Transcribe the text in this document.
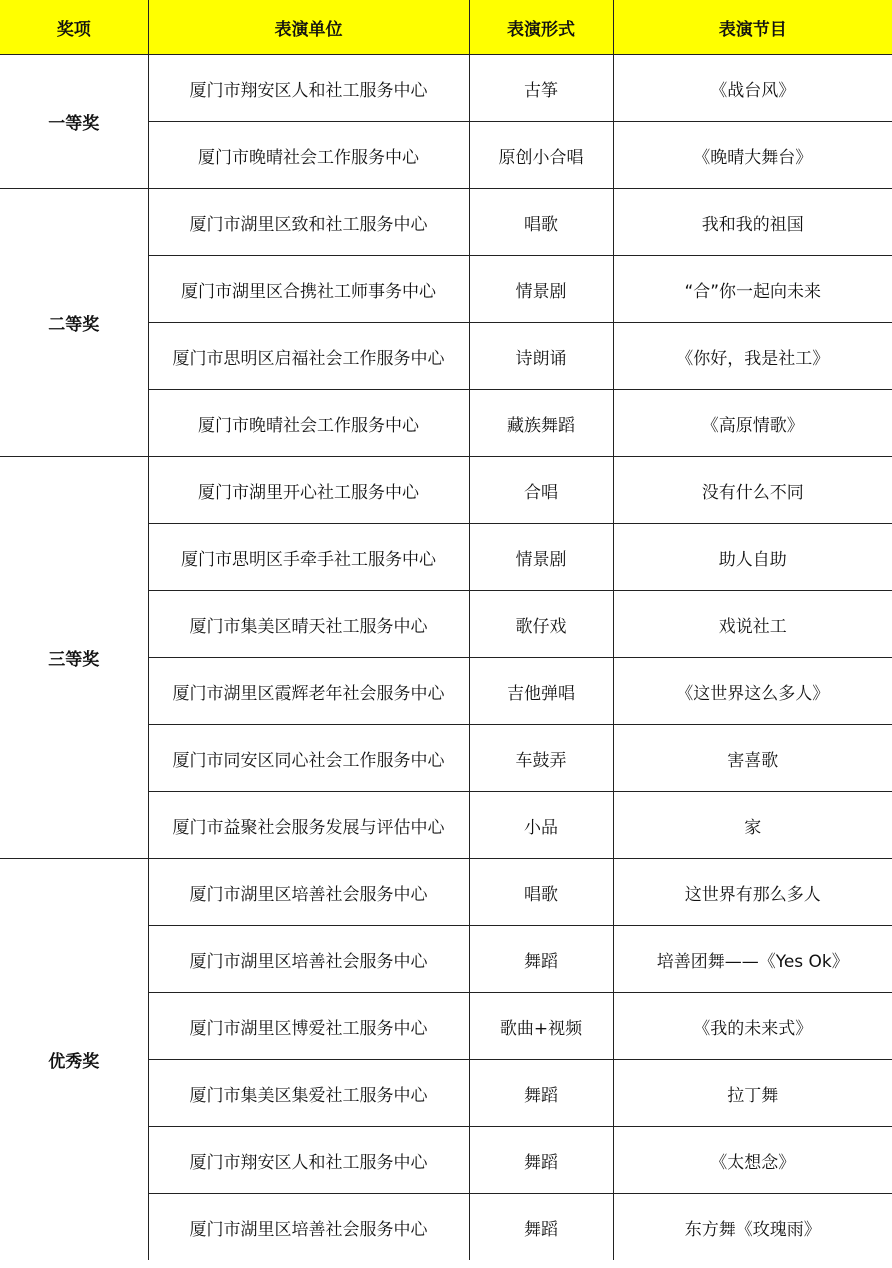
奖项	表演单位	表演形式	表演节目
一等奖	厦门市翔安区人和社工服务中心	古筝	《战台风》
	厦门市晚晴社会工作服务中心	原创小合唱	《晚晴大舞台》
二等奖	厦门市湖里区致和社工服务中心	唱歌	我和我的祖国
	厦门市湖里区合携社工师事务中心	情景剧	“合”你一起向未来
	厦门市思明区启福社会工作服务中心	诗朗诵	《你好，我是社工》
	厦门市晚晴社会工作服务中心	藏族舞蹈	《高原情歌》
三等奖	厦门市湖里开心社工服务中心	合唱	没有什么不同
	厦门市思明区手牵手社工服务中心	情景剧	助人自助
	厦门市集美区晴天社工服务中心	歌仔戏	戏说社工
	厦门市湖里区霞辉老年社会服务中心	吉他弹唱	《这世界这么多人》
	厦门市同安区同心社会工作服务中心	车鼓弄	害喜歌
	厦门市益聚社会服务发展与评估中心	小品	家
优秀奖	厦门市湖里区培善社会服务中心	唱歌	这世界有那么多人
	厦门市湖里区培善社会服务中心	舞蹈	培善团舞——《Yes Ok》
	厦门市湖里区博爱社工服务中心	歌曲+视频	《我的未来式》
	厦门市集美区集爱社工服务中心	舞蹈	拉丁舞
	厦门市翔安区人和社工服务中心	舞蹈	《太想念》
	厦门市湖里区培善社会服务中心	舞蹈	东方舞《玫瑰雨》
